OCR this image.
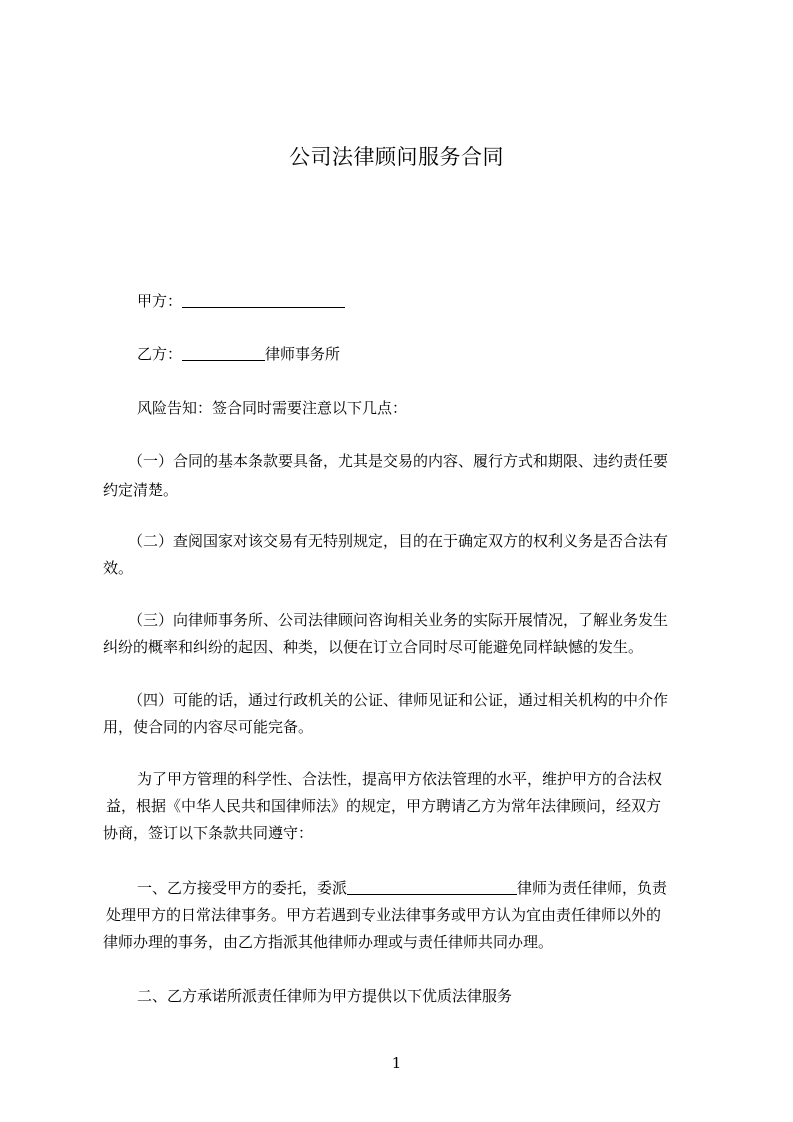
公司法律顾问服务合同
甲方：
乙方：	律师事务所
风险告知：签合同时需要注意以下几点：
（一）合同的基本条款要具备，尤其是交易的内容、履行方式和期限、违约责任要
约定清楚。
（二）查阅国家对该交易有无特别规定，目的在于确定双方的权利义务是否合法有
效。
（三）向律师事务所、公司法律顾问咨询相关业务的实际开展情况，了解业务发生
纠纷的概率和纠纷的起因、种类，以便在订立合同时尽可能避免同样缺憾的发生。
（四）可能的话，通过行政机关的公证、律师见证和公证，通过相关机构的中介作
用，使合同的内容尽可能完备。
为了甲方管理的科学性、合法性，提高甲方依法管理的水平，维护甲方的合法权
益，根据《中华人民共和国律师法》的规定，甲方聘请乙方为常年法律顾问，经双方
协商，签订以下条款共同遵守：
一、乙方接受甲方的委托，委派	律师为责任律师，负责
处理甲方的日常法律事务。甲方若遇到专业法律事务或甲方认为宜由责任律师以外的
律师办理的事务，由乙方指派其他律师办理或与责任律师共同办理。
二、乙方承诺所派责任律师为甲方提供以下优质法律服务
1
